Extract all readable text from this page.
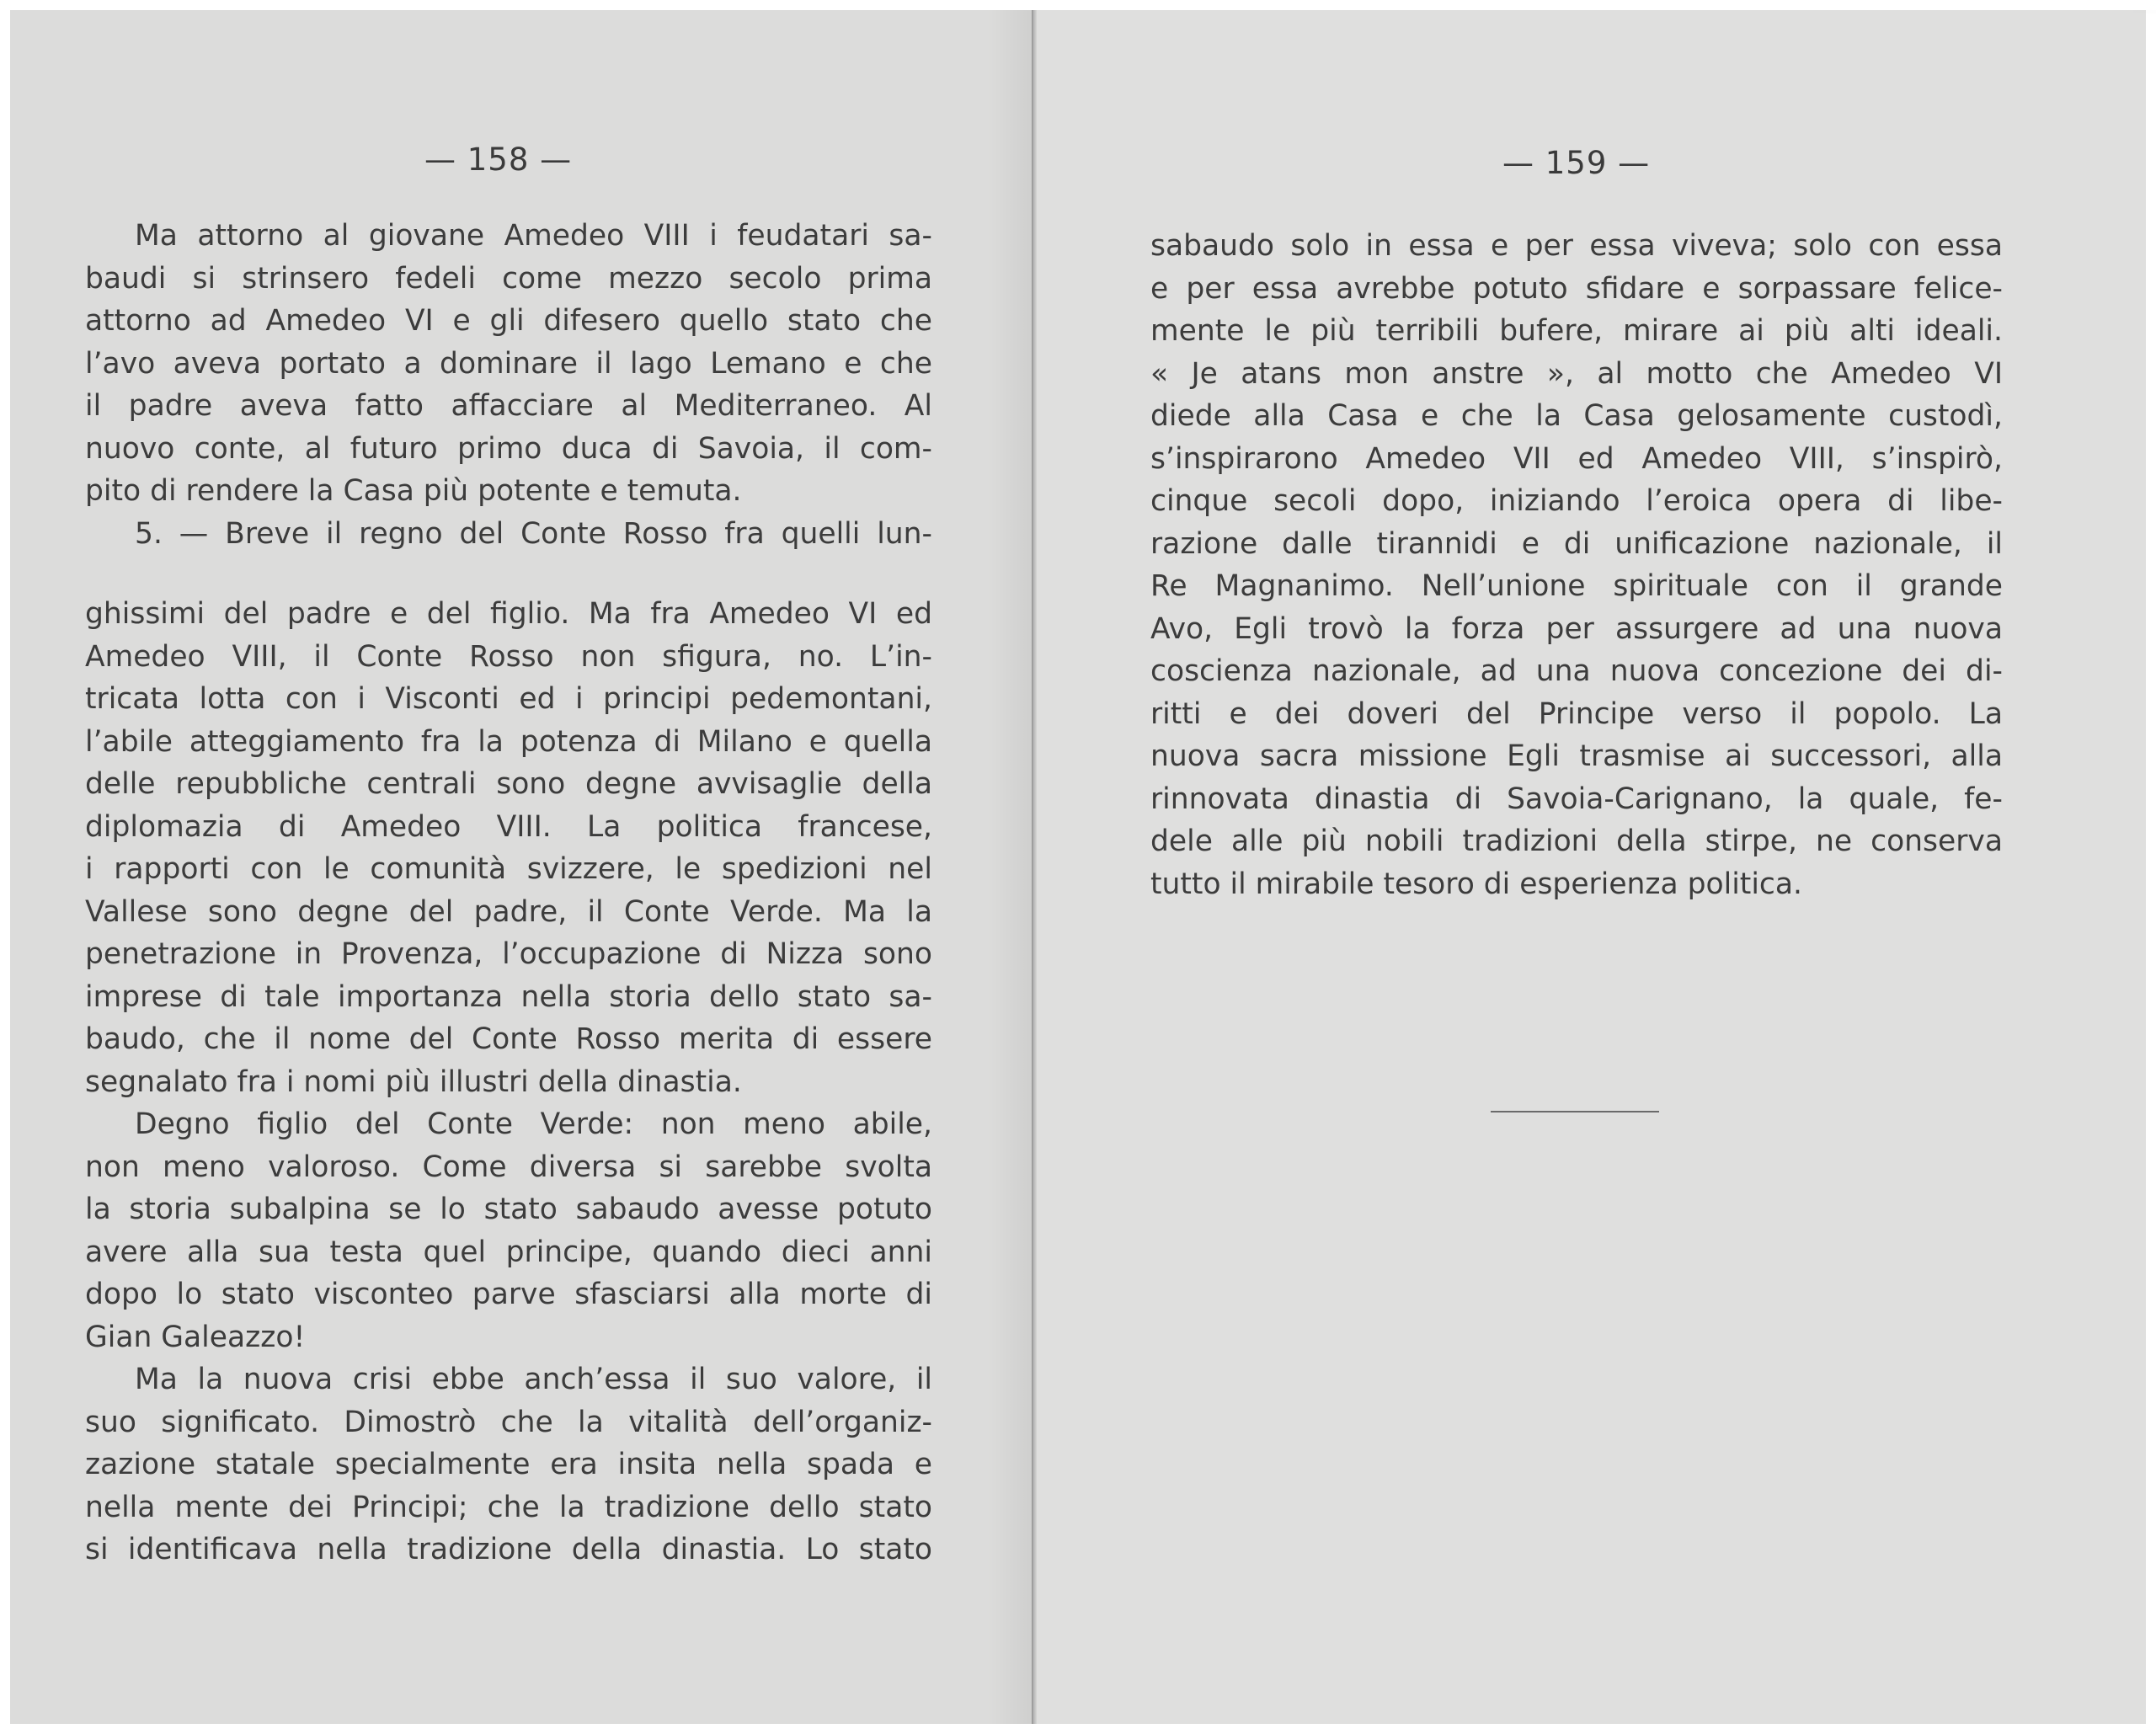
— 158 —
Ma attorno al giovane Amedeo VIII i feudatari sa-
baudi si strinsero fedeli come mezzo secolo prima
attorno ad Amedeo VI e gli difesero quello stato che
l’avo aveva portato a dominare il lago Lemano e che
il padre aveva fatto affacciare al Mediterraneo. Al
nuovo conte, al futuro primo duca di Savoia, il com-
pito di rendere la Casa più potente e temuta.
5. — Breve il regno del Conte Rosso fra quelli lun-
ghissimi del padre e del figlio. Ma fra Amedeo VI ed
Amedeo VIII, il Conte Rosso non sfigura, no. L’in-
tricata lotta con i Visconti ed i principi pedemontani,
l’abile atteggiamento fra la potenza di Milano e quella
delle repubbliche centrali sono degne avvisaglie della
diplomazia di Amedeo VIII. La politica francese,
i rapporti con le comunità svizzere, le spedizioni nel
Vallese sono degne del padre, il Conte Verde. Ma la
penetrazione in Provenza, l’occupazione di Nizza sono
imprese di tale importanza nella storia dello stato sa-
baudo, che il nome del Conte Rosso merita di essere
segnalato fra i nomi più illustri della dinastia.
Degno figlio del Conte Verde: non meno abile,
non meno valoroso. Come diversa si sarebbe svolta
la storia subalpina se lo stato sabaudo avesse potuto
avere alla sua testa quel principe, quando dieci anni
dopo lo stato visconteo parve sfasciarsi alla morte di
Gian Galeazzo!
Ma la nuova crisi ebbe anch’essa il suo valore, il
suo significato. Dimostrò che la vitalità dell’organiz-
zazione statale specialmente era insita nella spada e
nella mente dei Principi; che la tradizione dello stato
si identificava nella tradizione della dinastia. Lo stato
— 159 —
sabaudo solo in essa e per essa viveva; solo con essa
e per essa avrebbe potuto sfidare e sorpassare felice-
mente le più terribili bufere, mirare ai più alti ideali.
« Je atans mon anstre », al motto che Amedeo VI
diede alla Casa e che la Casa gelosamente custodì,
s’inspirarono Amedeo VII ed Amedeo VIII, s’inspirò,
cinque secoli dopo, iniziando l’eroica opera di libe-
razione dalle tirannidi e di unificazione nazionale, il
Re Magnanimo. Nell’unione spirituale con il grande
Avo, Egli trovò la forza per assurgere ad una nuova
coscienza nazionale, ad una nuova concezione dei di-
ritti e dei doveri del Principe verso il popolo. La
nuova sacra missione Egli trasmise ai successori, alla
rinnovata dinastia di Savoia-Carignano, la quale, fe-
dele alle più nobili tradizioni della stirpe, ne conserva
tutto il mirabile tesoro di esperienza politica.
